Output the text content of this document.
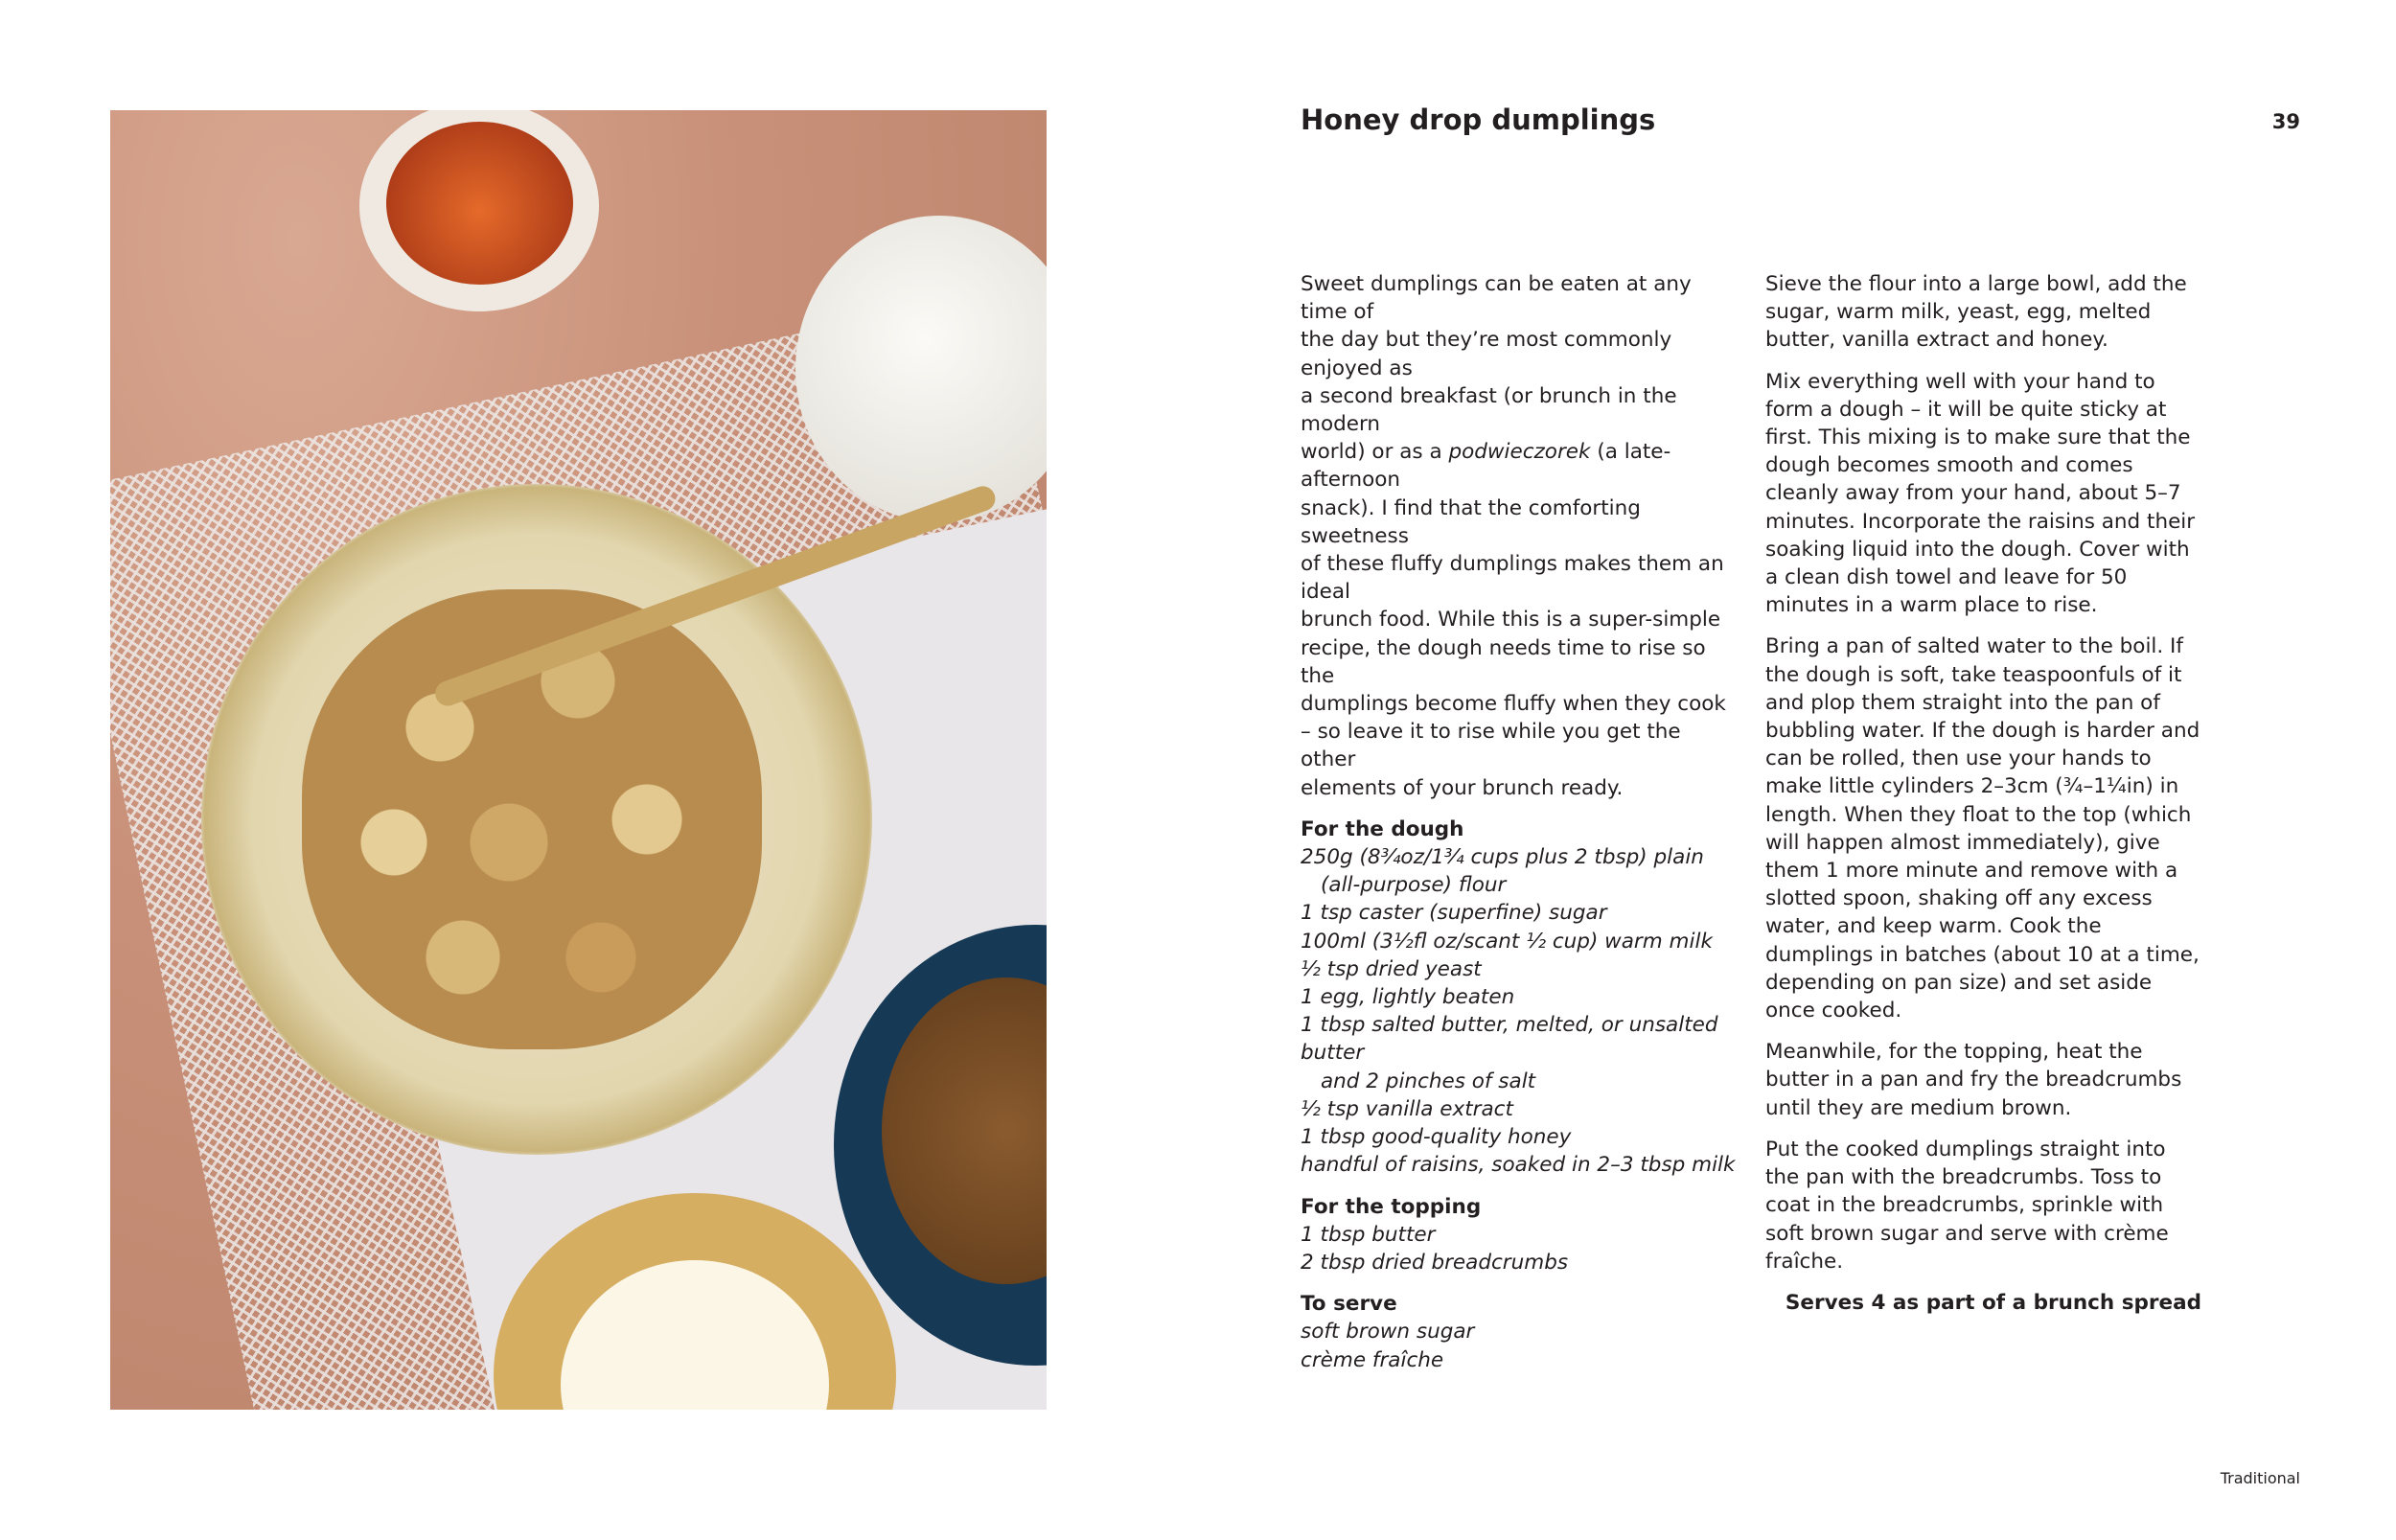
Honey drop dumplings	39

Sweet dumplings can be eaten at any time of
the day but they’re most commonly enjoyed as
a second breakfast (or brunch in the modern
world) or as a podwieczorek (a late-afternoon
snack). I find that the comforting sweetness
of these fluffy dumplings makes them an ideal
brunch food. While this is a super-simple
recipe, the dough needs time to rise so the
dumplings become fluffy when they cook
– so leave it to rise while you get the other
elements of your brunch ready.

For the dough
250g (8¾oz/1¾ cups plus 2 tbsp) plain
(all-purpose) flour
1 tsp caster (superfine) sugar
100ml (3½fl oz/scant ½ cup) warm milk
½ tsp dried yeast
1 egg, lightly beaten
1 tbsp salted butter, melted, or unsalted butter
and 2 pinches of salt
½ tsp vanilla extract
1 tbsp good-quality honey
handful of raisins, soaked in 2–3 tbsp milk
For the topping
1 tbsp butter
2 tbsp dried breadcrumbs
To serve
soft brown sugar
crème fraîche

Sieve the flour into a large bowl, add the sugar, warm milk, yeast, egg, melted butter, vanilla extract and honey.

Mix everything well with your hand to form a dough – it will be quite sticky at first. This mixing is to make sure that the dough becomes smooth and comes cleanly away from your hand, about 5–7 minutes. Incorporate the raisins and their soaking liquid into the dough. Cover with a clean dish towel and leave for 50 minutes in a warm place to rise.

Bring a pan of salted water to the boil. If the dough is soft, take teaspoonfuls of it and plop them straight into the pan of bubbling water. If the dough is harder and can be rolled, then use your hands to make little cylinders 2–3cm (¾–1¼in) in length. When they float to the top (which will happen almost immediately), give them 1 more minute and remove with a slotted spoon, shaking off any excess water, and keep warm. Cook the dumplings in batches (about 10 at a time, depending on pan size) and set aside once cooked.

Meanwhile, for the topping, heat the butter in a pan and fry the breadcrumbs until they are medium brown.

Put the cooked dumplings straight into the pan with the breadcrumbs. Toss to coat in the breadcrumbs, sprinkle with soft brown sugar and serve with crème fraîche.

Serves 4 as part of a brunch spread

Traditional
